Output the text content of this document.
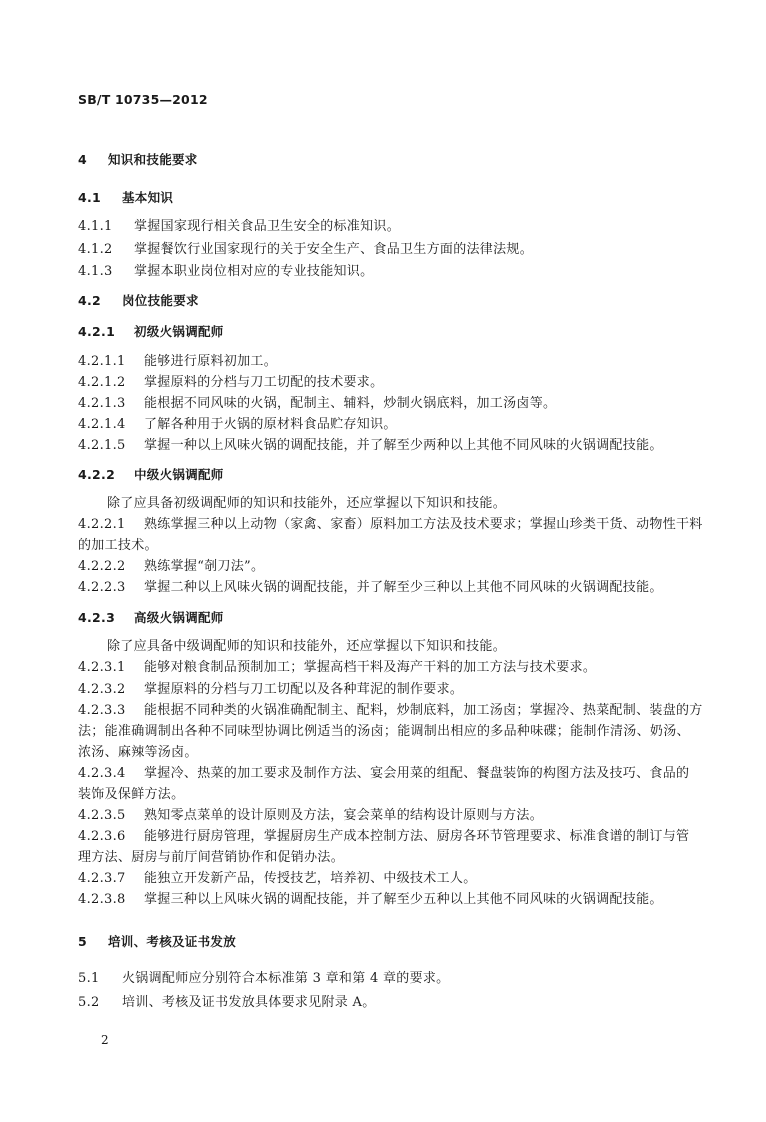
SB/T 10735—2012
4 知识和技能要求
4.1 基本知识
4.1.1 掌握国家现行相关食品卫生安全的标准知识。
4.1.2 掌握餐饮行业国家现行的关于安全生产、食品卫生方面的法律法规。
4.1.3 掌握本职业岗位相对应的专业技能知识。
4.2 岗位技能要求
4.2.1 初级火锅调配师
4.2.1.1 能够进行原料初加工。
4.2.1.2 掌握原料的分档与刀工切配的技术要求。
4.2.1.3 能根据不同风味的火锅，配制主、辅料，炒制火锅底料，加工汤卤等。
4.2.1.4 了解各种用于火锅的原材料食品贮存知识。
4.2.1.5 掌握一种以上风味火锅的调配技能，并了解至少两种以上其他不同风味的火锅调配技能。
4.2.2 中级火锅调配师
除了应具备初级调配师的知识和技能外，还应掌握以下知识和技能。
4.2.2.1 熟练掌握三种以上动物（家禽、家畜）原料加工方法及技术要求；掌握山珍类干货、动物性干料
的加工技术。
4.2.2.2 熟练掌握“剞刀法”。
4.2.2.3 掌握二种以上风味火锅的调配技能，并了解至少三种以上其他不同风味的火锅调配技能。
4.2.3 高级火锅调配师
除了应具备中级调配师的知识和技能外，还应掌握以下知识和技能。
4.2.3.1 能够对粮食制品预制加工；掌握高档干料及海产干料的加工方法与技术要求。
4.2.3.2 掌握原料的分档与刀工切配以及各种茸泥的制作要求。
4.2.3.3 能根据不同种类的火锅准确配制主、配料，炒制底料，加工汤卤；掌握冷、热菜配制、装盘的方
法；能准确调制出各种不同味型协调比例适当的汤卤；能调制出相应的多品种味碟；能制作清汤、奶汤、
浓汤、麻辣等汤卤。
4.2.3.4 掌握冷、热菜的加工要求及制作方法、宴会用菜的组配、餐盘装饰的构图方法及技巧、食品的
装饰及保鲜方法。
4.2.3.5 熟知零点菜单的设计原则及方法，宴会菜单的结构设计原则与方法。
4.2.3.6 能够进行厨房管理，掌握厨房生产成本控制方法、厨房各环节管理要求、标准食谱的制订与管
理方法、厨房与前厅间营销协作和促销办法。
4.2.3.7 能独立开发新产品，传授技艺，培养初、中级技术工人。
4.2.3.8 掌握三种以上风味火锅的调配技能，并了解至少五种以上其他不同风味的火锅调配技能。
5 培训、考核及证书发放
5.1 火锅调配师应分别符合本标准第 3 章和第 4 章的要求。
5.2 培训、考核及证书发放具体要求见附录 A。
2
